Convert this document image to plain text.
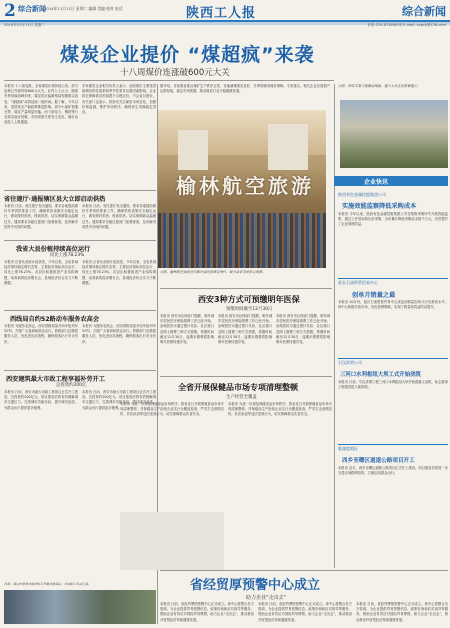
2 综合新闻
2014年11月11日 星期二 编辑 美编 校对 电话	陕西工人报	综合新闻
2014年11月11日 星期二	本报 029-87349000 E-mail: sxgrb@126.com
煤炭企业提价 “煤超疯”来袭
十八周煤价连涨破600元大关
本报讯 十八周连涨，全省煤炭价格持续上扬，部分品种已突破每吨600元大关。业内人士认为，随着冬季用煤高峰到来，煤炭供应偏紧格局短期难以改变，“煤超疯”或将延续一段时间。据了解，今年以来，受国家去产能政策推进影响，部分小煤矿相继关停，煤炭产量明显回落，而下游电力、钢铁等行业需求逐步回暖，市场供需关系发生变化，煤价由此进入上涨通道。
多家煤炭企业相关负责人表示，此轮涨价主要受供给侧结构性改革和季节性需求双重因素影响，企业将在保障供应的前提下合理定价，不会盲目涨价。有关部门也表示，将密切关注煤炭市场变化，加强价格监测，维护市场秩序，确保民生用煤稳定供应。
据介绍，目前我省重点煤矿生产秩序正常，各地储煤情况良好，冬季供暖用煤有保障。专家建议，相关企业应加强产运需衔接，稳定市场预期，推动煤炭行业平稳健康发展。
榆林航空旅游
日前，榆林航空旅游宣传推介活动在西安举行，吸引众多市民驻足观看。
省往建厅·通报辖区县大立即启动供热
本报讯 日前，省住建厅发出通知，要求各地提前做好冬季供热准备工作，确保供热设施安全稳定运行，做到按时供热、保质供热，切实保障群众温暖过冬。通知要求各级住建部门加强督查，及时解决供热中出现的问题。
本报讯 日前，省住建厅发出通知，要求各地提前做好冬季供热准备工作，确保供热设施安全稳定运行，做到按时供热、保质供热，切实保障群众温暖过冬。通知要求各级住建部门加强督查，及时解决供热中出现的问题。
我省大县份植持续高位运行
同比上涨78.23%
本报讯 记者从省统计局获悉，今年以来，全省县域经济保持稳定增长态势，主要经济指标高位运行，同比上涨78.23%。各县区积极推进产业结构调整，培育新的经济增长点，县域经济综合实力不断增强。
本报讯 记者从省统计局获悉，今年以来，全省县域经济保持稳定增长态势，主要经济指标高位运行，同比上涨78.23%。各县区积极推进产业结构调整，培育新的经济增长点，县域经济综合实力不断增强。
西线局自约52路动车服务农高会
本报讯 为服务农高会，西安铁路局加开动车组列车52列，方便广大客商和群众出行。铁路部门还增派服务人员，优化进出站流程，确保旅客出行安全有序。
本报讯 为服务农高会，西安铁路局加开动车组列车52列，方便广大客商和群众出行。铁路部门还增派服务人员，优化进出站流程，确保旅客出行安全有序。
西安建筑最大市政工程享福补劳开工
总投资约200亿
本报讯 日前，西安市最大市政工程项目正式开工建设，总投资约200亿元。项目建成后将有效缓解城市交通压力，完善城市功能布局，提升城市品质，为群众出行提供更多便利。
本报讯 日前，西安市最大市政工程项目正式开工建设，总投资约200亿元。项目建成后将有效缓解城市交通压力，完善城市功能布局，提升城市品质，为群众出行提供更多便利。
西安3种方式可预缴明年医保
预缴时间截至12月30日
本报讯 西安市社保部门提醒，明年城乡居民医疗保险缴费工作已经开始，参保居民可通过银行代扣、社区窗口及网上缴费三种方式预缴，预缴时间截至12月30日，逾期未缴费将影响明年医保待遇享受。
本报讯 西安市社保部门提醒，明年城乡居民医疗保险缴费工作已经开始，参保居民可通过银行代扣、社区窗口及网上缴费三种方式预缴，预缴时间截至12月30日，逾期未缴费将影响明年医保待遇享受。
本报讯 西安市社保部门提醒，明年城乡居民医疗保险缴费工作已经开始，参保居民可通过银行代扣、社区窗口及网上缴费三种方式预缴，预缴时间截至12月30日，逾期未缴费将影响明年医保待遇享受。
全省开展保健品市场专项清理整顿
生产经营全覆盖
本报讯 为进一步规范保健食品市场秩序，我省近日开展保健食品市场专项清理整顿，对保健品生产经营企业实行全覆盖检查，严厉打击虚假宣传、非法添加等违法违规行为，切实保障群众饮食安全。
本报讯 为进一步规范保健食品市场秩序，我省近日开展保健食品市场专项清理整顿，对保健品生产经营企业实行全覆盖检查，严厉打击虚假宣传、非法添加等违法违规行为，切实保障群众饮食安全。
省经贸厚预警中心成立
助力企业“走出去”
本报讯 日前，省经贸摩擦预警中心正式成立。该中心将整合各方资源，为企业提供贸易预警信息、政策咨询和应对指导等服务，帮助企业有效应对国际贸易摩擦，助力企业“走出去”，推动我省开放型经济持续健康发展。
本报讯 日前，省经贸摩擦预警中心正式成立。该中心将整合各方资源，为企业提供贸易预警信息、政策咨询和应对指导等服务，帮助企业有效应对国际贸易摩擦，助力企业“走出去”，推动我省开放型经济持续健康发展。
本报讯 日前，省经贸摩擦预警中心正式成立。该中心将整合各方资源，为企业提供贸易预警信息、政策咨询和应对指导等服务，帮助企业有效应对国际贸易摩擦，助力企业“走出去”，推动我省开放型经济持续健康发展。
日前，西安市某工程建设现场，施工人员正在抓紧施工。
企业快讯
陕西有色金属控股集团公司
实施效能监察降低采购成本
本报讯 今年以来，陕西有色金属控股集团公司在物资采购环节开展效能监察，通过公开招标和比价采购，全年累计降低采购成本数千万元，有效提升了企业管理效益。
延长石油资管贸易中心
创单月销量之最
本报讯 10月份，延长石油资管贸易中心成品油销量创单月历史最高水平，该中心积极开拓市场，优化营销策略，实现了销量和效益的双提升。
引汉济渭公司
三河口水利枢纽大坝工式开始浇筑
本报讯 日前，引汉济渭工程三河口水利枢纽大坝开始混凝土浇筑，标志着该工程建设进入新阶段。
临潼度假区
西乡至曙区道道公路项目开工
本报讯 近日，西乡至曙区道路公路项目正式开工建设，项目建成后将进一步完善区域路网结构，方便沿线群众出行。
日前，西安市某单位组织职工开展文体活动，丰富职工业余生活。
